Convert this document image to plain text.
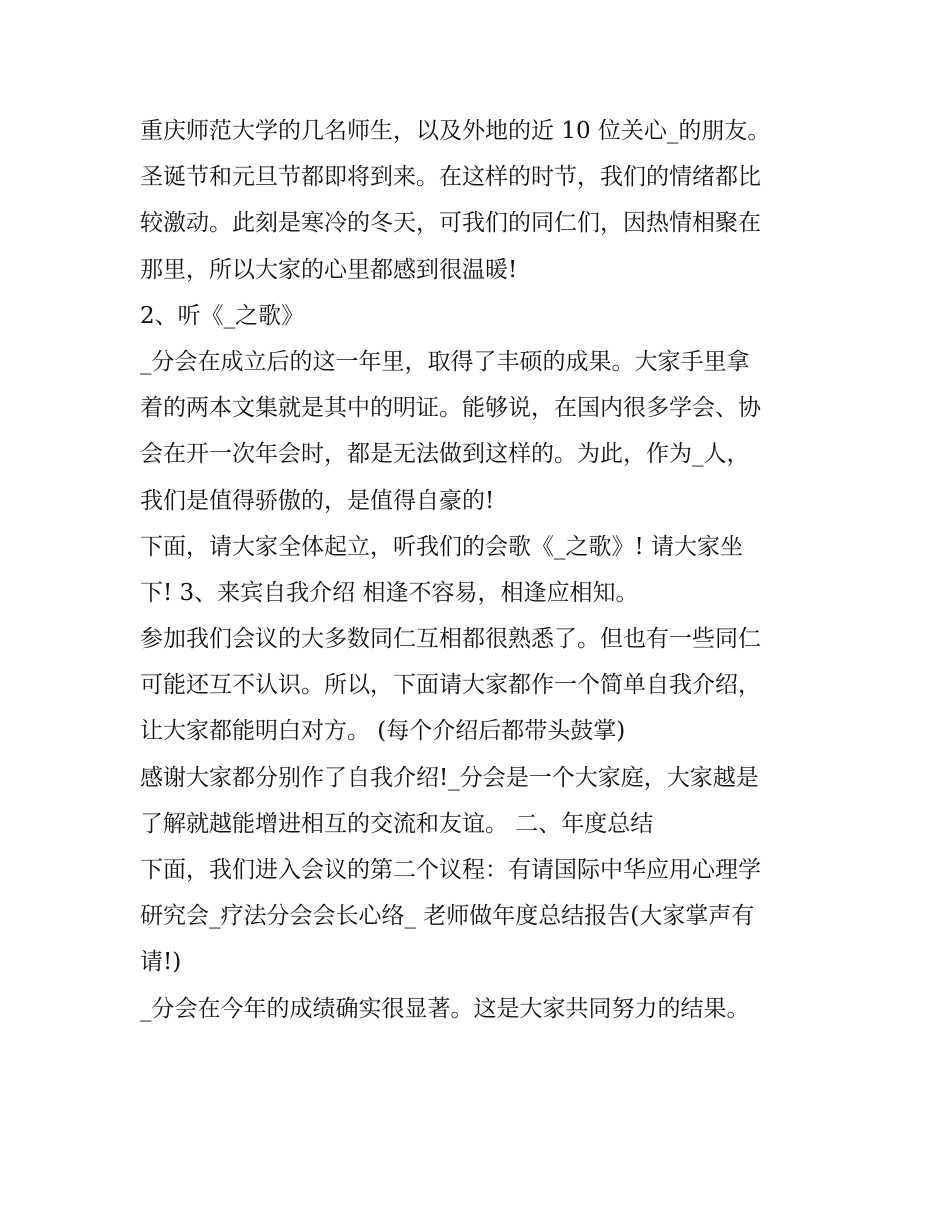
重庆师范大学的几名师生，以及外地的近 10 位关心_的朋友。
圣诞节和元旦节都即将到来。在这样的时节，我们的情绪都比
较激动。此刻是寒冷的冬天，可我们的同仁们，因热情相聚在
那里，所以大家的心里都感到很温暖!
2、听《_之歌》
_分会在成立后的这一年里，取得了丰硕的成果。大家手里拿
着的两本文集就是其中的明证。能够说，在国内很多学会、协
会在开一次年会时，都是无法做到这样的。为此，作为_人，
我们是值得骄傲的，是值得自豪的!
下面，请大家全体起立，听我们的会歌《_之歌》! 请大家坐
下! 3、来宾自我介绍 相逢不容易，相逢应相知。
参加我们会议的大多数同仁互相都很熟悉了。但也有一些同仁
可能还互不认识。所以，下面请大家都作一个简单自我介绍，
让大家都能明白对方。 (每个介绍后都带头鼓掌)
感谢大家都分别作了自我介绍!_分会是一个大家庭，大家越是
了解就越能增进相互的交流和友谊。 二、年度总结
下面，我们进入会议的第二个议程：有请国际中华应用心理学
研究会_疗法分会会长心络_ 老师做年度总结报告(大家掌声有
请!)
_分会在今年的成绩确实很显著。这是大家共同努力的结果。
